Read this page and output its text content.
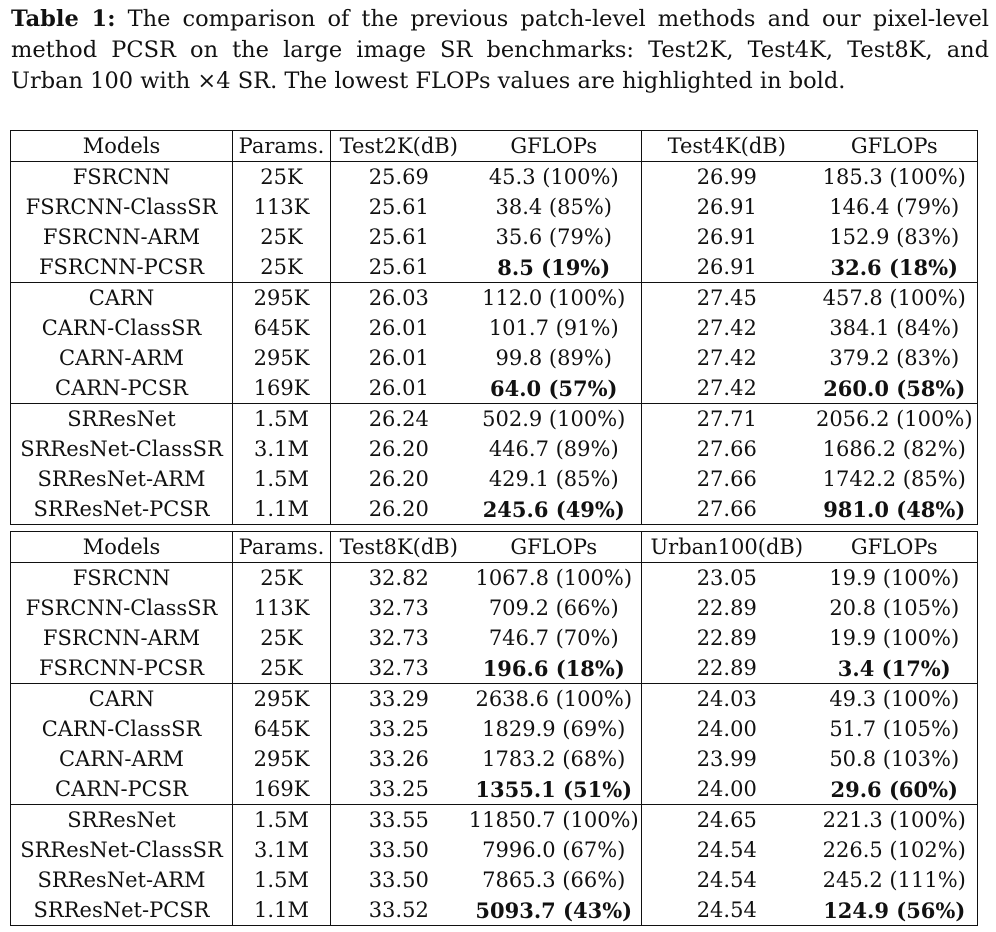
Table 1: The comparison of the previous patch-level methods and our pixel-level method PCSR on the large image SR benchmarks: Test2K, Test4K, Test8K, and Urban 100 with ×4 SR. The lowest FLOPs values are highlighted in bold.

Models	Params.	Test2K(dB)	GFLOPs	Test4K(dB)	GFLOPs
FSRCNN	25K	25.69	45.3 (100%)	26.99	185.3 (100%)
FSRCNN-ClassSR	113K	25.61	38.4 (85%)	26.91	146.4 (79%)
FSRCNN-ARM	25K	25.61	35.6 (79%)	26.91	152.9 (83%)
FSRCNN-PCSR	25K	25.61	8.5 (19%)	26.91	32.6 (18%)
CARN	295K	26.03	112.0 (100%)	27.45	457.8 (100%)
CARN-ClassSR	645K	26.01	101.7 (91%)	27.42	384.1 (84%)
CARN-ARM	295K	26.01	99.8 (89%)	27.42	379.2 (83%)
CARN-PCSR	169K	26.01	64.0 (57%)	27.42	260.0 (58%)
SRResNet	1.5M	26.24	502.9 (100%)	27.71	2056.2 (100%)
SRResNet-ClassSR	3.1M	26.20	446.7 (89%)	27.66	1686.2 (82%)
SRResNet-ARM	1.5M	26.20	429.1 (85%)	27.66	1742.2 (85%)
SRResNet-PCSR	1.1M	26.20	245.6 (49%)	27.66	981.0 (48%)

Models	Params.	Test8K(dB)	GFLOPs	Urban100(dB)	GFLOPs
FSRCNN	25K	32.82	1067.8 (100%)	23.05	19.9 (100%)
FSRCNN-ClassSR	113K	32.73	709.2 (66%)	22.89	20.8 (105%)
FSRCNN-ARM	25K	32.73	746.7 (70%)	22.89	19.9 (100%)
FSRCNN-PCSR	25K	32.73	196.6 (18%)	22.89	3.4 (17%)
CARN	295K	33.29	2638.6 (100%)	24.03	49.3 (100%)
CARN-ClassSR	645K	33.25	1829.9 (69%)	24.00	51.7 (105%)
CARN-ARM	295K	33.26	1783.2 (68%)	23.99	50.8 (103%)
CARN-PCSR	169K	33.25	1355.1 (51%)	24.00	29.6 (60%)
SRResNet	1.5M	33.55	11850.7 (100%)	24.65	221.3 (100%)
SRResNet-ClassSR	3.1M	33.50	7996.0 (67%)	24.54	226.5 (102%)
SRResNet-ARM	1.5M	33.50	7865.3 (66%)	24.54	245.2 (111%)
SRResNet-PCSR	1.1M	33.52	5093.7 (43%)	24.54	124.9 (56%)
